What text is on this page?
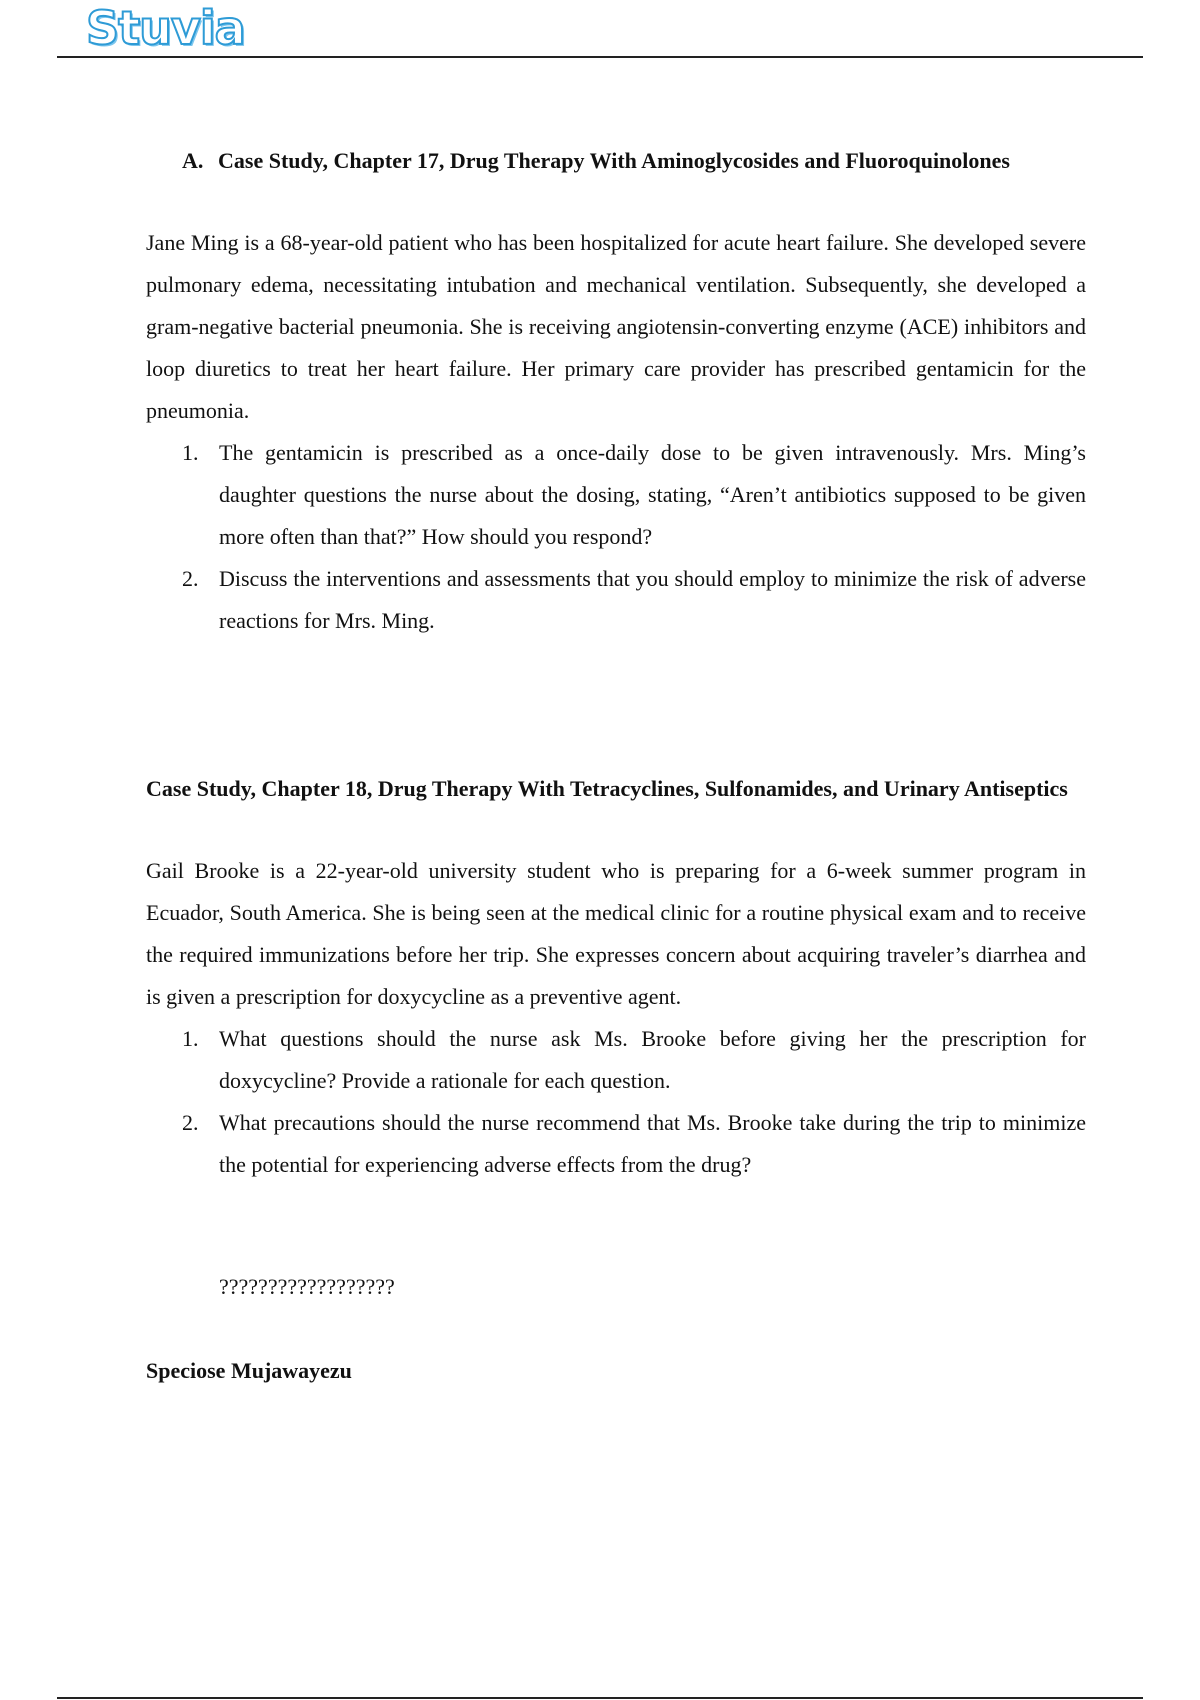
Stuvia
A. Case Study, Chapter 17, Drug Therapy With Aminoglycosides and Fluoroquinolones

Jane Ming is a 68-year-old patient who has been hospitalized for acute heart failure. She developed severe pulmonary edema, necessitating intubation and mechanical ventilation. Subsequently, she developed a gram-negative bacterial pneumonia. She is receiving angiotensin-converting enzyme (ACE) inhibitors and loop diuretics to treat her heart failure. Her primary care provider has prescribed gentamicin for the pneumonia.

1. The gentamicin is prescribed as a once-daily dose to be given intravenously. Mrs. Ming’s daughter questions the nurse about the dosing, stating, “Aren’t antibiotics supposed to be given more often than that?” How should you respond?
2. Discuss the interventions and assessments that you should employ to minimize the risk of adverse reactions for Mrs. Ming.

Case Study, Chapter 18, Drug Therapy With Tetracyclines, Sulfonamides, and Urinary Antiseptics

Gail Brooke is a 22-year-old university student who is preparing for a 6-week summer program in Ecuador, South America. She is being seen at the medical clinic for a routine physical exam and to receive the required immunizations before her trip. She expresses concern about acquiring traveler’s diarrhea and is given a prescription for doxycycline as a preventive agent.

1. What questions should the nurse ask Ms. Brooke before giving her the prescription for doxycycline? Provide a rationale for each question.
2. What precautions should the nurse recommend that Ms. Brooke take during the trip to minimize the potential for experiencing adverse effects from the drug?
??????????????????
Speciose Mujawayezu
